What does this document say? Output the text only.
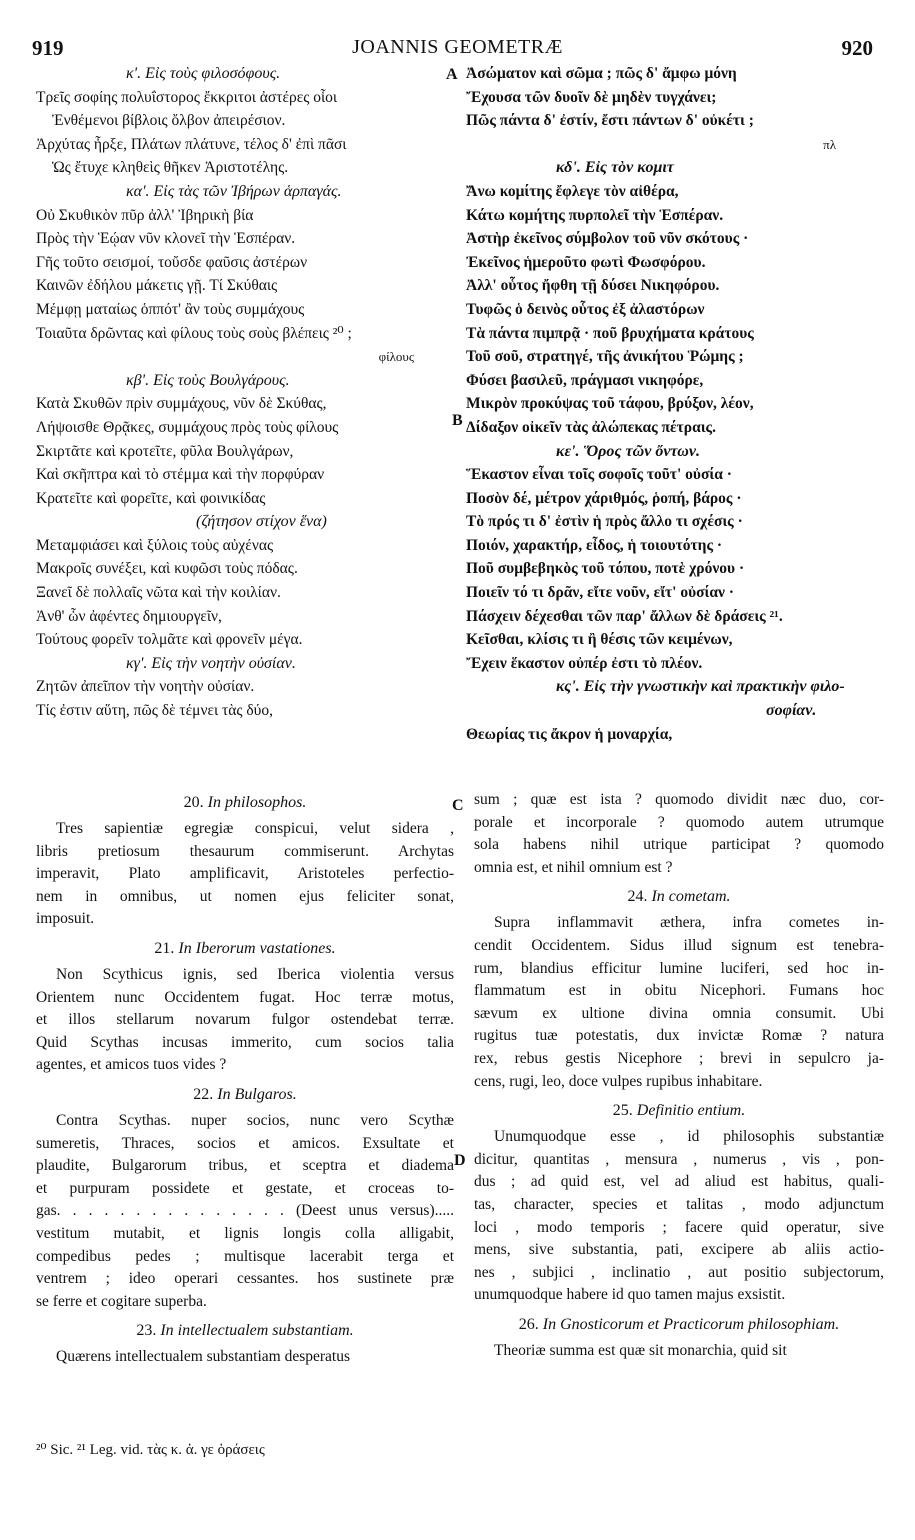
919	JOANNIS GEOMETRÆ	920
A
B
C
D
κ'. Εἰς τοὺς φιλοσόφους.
Τρεῖς σοφίης πολυΐστορος ἔκκριτοι ἀστέρες οἷοι
Ἐνθέμενοι βίβλοις ὄλβον ἀπειρέσιον.
Ἀρχύτας ἦρξε, Πλάτων πλάτυνε, τέλος δ' ἐπὶ πᾶσι
Ὡς ἔτυχε κληθεὶς θῆκεν Ἀριστοτέλης.
κα'. Εἰς τὰς τῶν Ἰβήρων ἁρπαγάς.
Οὐ Σκυθικὸν πῦρ ἀλλ' Ἰβηρικὴ βία
Πρὸς τὴν Ἑῴαν νῦν κλονεῖ τὴν Ἑσπέραν.
Γῆς τοῦτο σεισμοί, τοὔσδε φαῦσις ἀστέρων
Καινῶν ἐδήλου μάκετις γῇ. Τί Σκύθαις
Μέμφῃ ματαίως ὁππότ' ἂν τοὺς συμμάχους
Τοιαῦτα δρῶντας καὶ φίλους τοὺς σοὺς βλέπεις ²⁰ ;
φίλους
κβ'. Εἰς τοὺς Βουλγάρους.
Κατὰ Σκυθῶν πρὶν συμμάχους, νῦν δὲ Σκύθας,
Λήψοισθε Θρᾷκες, συμμάχους πρὸς τοὺς φίλους
Σκιρτᾶτε καὶ κροτεῖτε, φῦλα Βουλγάρων,
Καὶ σκῆπτρα καὶ τὸ στέμμα καὶ τὴν πορφύραν
Κρατεῖτε καὶ φορεῖτε, καὶ φοινικίδας
(ζήτησον στίχον ἕνα)
Μεταμφιάσει καὶ ξύλοις τοὺς αὐχένας
Μακροῖς συνέξει, καὶ κυφῶσι τοὺς πόδας.
Ξανεῖ δὲ πολλαῖς νῶτα καὶ τὴν κοιλίαν.
Ἀνθ' ὧν ἀφέντες δημιουργεῖν,
Τούτους φορεῖν τολμᾶτε καὶ φρονεῖν μέγα.
κγ'. Εἰς τὴν νοητὴν οὐσίαν.
Ζητῶν ἀπεῖπον τὴν νοητὴν οὐσίαν.
Τίς ἐστιν αὕτη, πῶς δὲ τέμνει τὰς δύο,
Ἀσώματον καὶ σῶμα ; πῶς δ' ἄμφω μόνη
Ἔχουσα τῶν δυοῖν δὲ μηδὲν τυγχάνει;
Πῶς πάντα δ' ἐστίν, ἔστι πάντων δ' οὐκέτι ;
πλ
κδ'. Εἰς τὸν κομιτ
Ἄνω κομίτης ἔφλεγε τὸν αἰθέρα,
Κάτω κομήτης πυρπολεῖ τὴν Ἑσπέραν.
Ἀστὴρ ἐκεῖνος σύμβολον τοῦ νῦν σκότους ·
Ἐκεῖνος ἡμεροῦτο φωτὶ Φωσφόρου.
Ἀλλ' οὗτος ἤφθη τῇ δύσει Νικηφόρου.
Τυφῶς ὁ δεινὸς οὗτος ἐξ ἀλαστόρων
Τὰ πάντα πιμπρᾷ · ποῦ βρυχήματα κράτους
Τοῦ σοῦ, στρατηγέ, τῆς ἀνικήτου Ῥώμης ;
Φύσει βασιλεῦ, πράγμασι νικηφόρε,
Μικρὸν προκύψας τοῦ τάφου, βρύξον, λέον,
Δίδαξον οἰκεῖν τὰς ἀλώπεκας πέτραις.
κε'. Ὅρος τῶν ὄντων.
Ἕκαστον εἶναι τοῖς σοφοῖς τοῦτ' οὐσία ·
Ποσὸν δέ, μέτρον χάριθμός, ῥοπή, βάρος ·
Τὸ πρός τι δ' ἐστὶν ἡ πρὸς ἄλλο τι σχέσις ·
Ποιόν, χαρακτήρ, εἶδος, ἡ τοιουτότης ·
Ποῦ συμβεβηκὸς τοῦ τόπου, ποτὲ χρόνου ·
Ποιεῖν τό τι δρᾶν, εἴτε νοῦν, εἴτ' οὐσίαν ·
Πάσχειν δέχεσθαι τῶν παρ' ἄλλων δὲ δράσεις ²¹.
Κεῖσθαι, κλίσις τι ἢ θέσις τῶν κειμένων,
Ἔχειν ἕκαστον οὐπέρ ἐστι τὸ πλέον.
κς'. Εἰς τὴν γνωστικὴν καὶ πρακτικὴν φιλο-
σοφίαν.
Θεωρίας τις ἄκρον ἡ μοναρχία,
20. In philosophos.
Tres sapientiæ egregiæ conspicui, velut sidera ,
libris pretiosum thesaurum commiserunt. Archytas
imperavit, Plato amplificavit, Aristoteles perfectio-
nem in omnibus, ut nomen ejus feliciter sonat,
imposuit.
21. In Iberorum vastationes.
Non Scythicus ignis, sed Iberica violentia versus
Orientem nunc Occidentem fugat. Hoc terræ motus,
et illos stellarum novarum fulgor ostendebat terræ.
Quid Scythas incusas immerito, cum socios talia
agentes, et amicos tuos vides ?
22. In Bulgaros.
Contra Scythas. nuper socios, nunc vero Scythæ
sumeretis, Thraces, socios et amicos. Exsultate et
plaudite, Bulgarorum tribus, et sceptra et diadema
et purpuram possidete et gestate, et croceas to-
gas. . . . . . . . . . . . . . . (Deest unus versus).....
vestitum mutabit, et lignis longis colla alligabit,
compedibus pedes ; multisque lacerabit terga et
ventrem ; ideo operari cessantes. hos sustinete præ
se ferre et cogitare superba.
23. In intellectualem substantiam.
Quærens intellectualem substantiam desperatus
sum ; quæ est ista ? quomodo dividit næc duo, cor-
porale et incorporale ? quomodo autem utrumque
sola habens nihil utrique participat ? quomodo
omnia est, et nihil omnium est ?
24. In cometam.
Supra inflammavit æthera, infra cometes in-
cendit Occidentem. Sidus illud signum est tenebra-
rum, blandius efficitur lumine luciferi, sed hoc in-
flammatum est in obitu Nicephori. Fumans hoc
sævum ex ultione divina omnia consumit. Ubi
rugitus tuæ potestatis, dux invictæ Romæ ? natura
rex, rebus gestis Nicephore ; brevi in sepulcro ja-
cens, rugi, leo, doce vulpes rupibus inhabitare.
25. Definitio entium.
Unumquodque esse , id philosophis substantiæ
dicitur, quantitas , mensura , numerus , vis , pon-
dus ; ad quid est, vel ad aliud est habitus, quali-
tas, character, species et talitas , modo adjunctum
loci , modo temporis ; facere quid operatur, sive
mens, sive substantia, pati, excipere ab aliis actio-
nes , subjici , inclinatio , aut positio subjectorum,
unumquodque habere id quo tamen majus exsistit.
26. In Gnosticorum et Practicorum philosophiam.
Theoriæ summa est quæ sit monarchia, quid sit
²⁰ Sic. ²¹ Leg. vid. τὰς κ. ἀ. γε ὁράσεις
